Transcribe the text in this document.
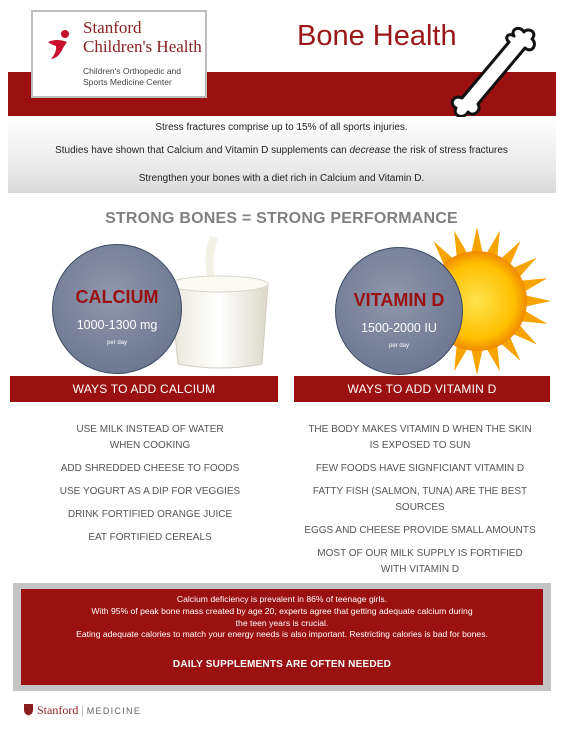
Stanford
Children's Health
Children's Orthopedic and
Sports Medicine Center
Bone Health
Stress fractures comprise up to 15% of all sports injuries.
Studies have shown that Calcium and Vitamin D supplements can decrease the risk of stress fractures
Strengthen your bones with a diet rich in Calcium and Vitamin D.
STRONG BONES = STRONG PERFORMANCE
CALCIUM
1000-1300 mg
per day
VITAMIN D
1500-2000 IU
per day
WAYS TO ADD CALCIUM	WAYS TO ADD VITAMIN D
USE MILK INSTEAD OF WATER
WHEN COOKING
ADD SHREDDED CHEESE TO FOODS
USE YOGURT AS A DIP FOR VEGGIES
DRINK FORTIFIED ORANGE JUICE
EAT FORTIFIED CEREALS
THE BODY MAKES VITAMIN D WHEN THE SKIN
IS EXPOSED TO SUN
FEW FOODS HAVE SIGNFICIANT VITAMIN D
FATTY FISH (SALMON, TUNA) ARE THE BEST
SOURCES
EGGS AND CHEESE PROVIDE SMALL AMOUNTS
MOST OF OUR MILK SUPPLY IS FORTIFIED
WITH VITAMIN D
Calcium deficiency is prevalent in 86% of teenage girls.
With 95% of peak bone mass created by age 20, experts agree that getting adequate calcium during
the teen years is crucial.
Eating adequate calories to match your energy needs is also important. Restricting calories is bad for bones.
DAILY SUPPLEMENTS ARE OFTEN NEEDED
Stanford | MEDICINE
